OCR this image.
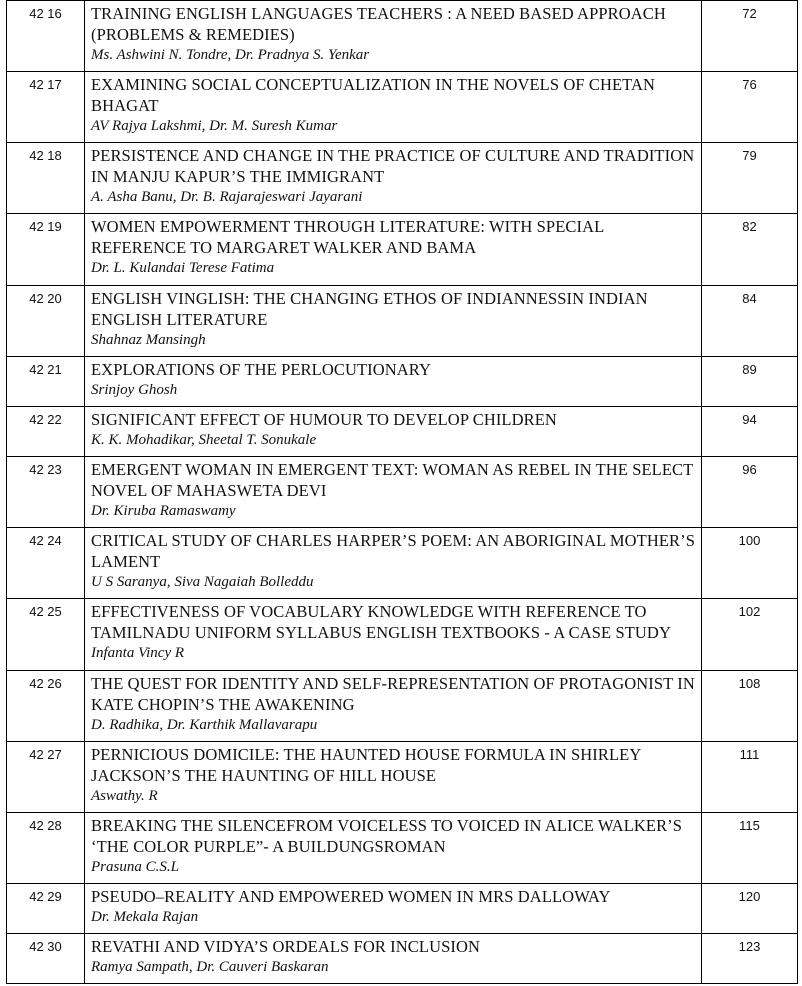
42 16	TRAINING ENGLISH LANGUAGES TEACHERS : A NEED BASED APPROACH (PROBLEMS & REMEDIES)
Ms. Ashwini N. Tondre, Dr. Pradnya S. Yenkar	72
42 17	EXAMINING SOCIAL CONCEPTUALIZATION IN THE NOVELS OF CHETAN BHAGAT
AV Rajya Lakshmi, Dr. M. Suresh Kumar	76
42 18	PERSISTENCE AND CHANGE IN THE PRACTICE OF CULTURE AND TRADITION IN MANJU KAPUR’S THE IMMIGRANT
A. Asha Banu, Dr. B. Rajarajeswari Jayarani	79
42 19	WOMEN EMPOWERMENT THROUGH LITERATURE: WITH SPECIAL REFERENCE TO MARGARET WALKER AND BAMA
Dr. L. Kulandai Terese Fatima	82
42 20	ENGLISH VINGLISH: THE CHANGING ETHOS OF INDIANNESSIN INDIAN ENGLISH LITERATURE
Shahnaz Mansingh	84
42 21	EXPLORATIONS OF THE PERLOCUTIONARY
Srinjoy Ghosh	89
42 22	SIGNIFICANT EFFECT OF HUMOUR TO DEVELOP CHILDREN
K. K. Mohadikar, Sheetal T. Sonukale	94
42 23	EMERGENT WOMAN IN EMERGENT TEXT: WOMAN AS REBEL IN THE SELECT NOVEL OF MAHASWETA DEVI
Dr. Kiruba Ramaswamy	96
42 24	CRITICAL STUDY OF CHARLES HARPER’S POEM: AN ABORIGINAL MOTHER’S LAMENT
U S Saranya, Siva Nagaiah Bolleddu	100
42 25	EFFECTIVENESS OF VOCABULARY KNOWLEDGE WITH REFERENCE TO TAMILNADU UNIFORM SYLLABUS ENGLISH TEXTBOOKS - A CASE STUDY
Infanta Vincy R	102
42 26	THE QUEST FOR IDENTITY AND SELF-REPRESENTATION OF PROTAGONIST IN KATE CHOPIN’S THE AWAKENING
D. Radhika, Dr. Karthik Mallavarapu	108
42 27	PERNICIOUS DOMICILE: THE HAUNTED HOUSE FORMULA IN SHIRLEY JACKSON’S THE HAUNTING OF HILL HOUSE
Aswathy. R	111
42 28	BREAKING THE SILENCEFROM VOICELESS TO VOICED IN ALICE WALKER’S ‘THE COLOR PURPLE”- A BUILDUNGSROMAN
Prasuna C.S.L	115
42 29	PSEUDO–REALITY AND EMPOWERED WOMEN IN MRS DALLOWAY
Dr. Mekala Rajan	120
42 30	REVATHI AND VIDYA’S ORDEALS FOR INCLUSION
Ramya Sampath, Dr. Cauveri Baskaran	123
